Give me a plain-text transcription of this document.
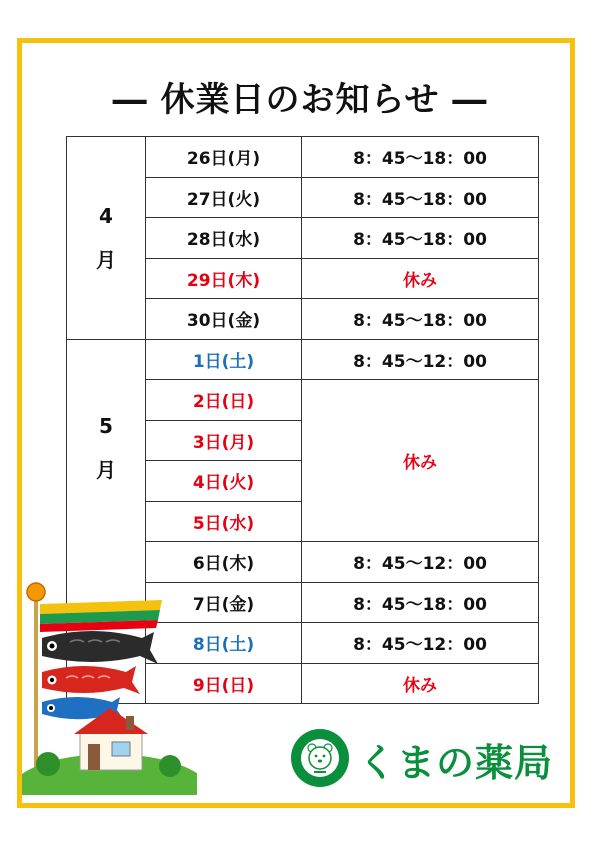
― 休業日のお知らせ ―
4
月	26日(月)	8：45〜18：00
	27日(火)	8：45〜18：00
	28日(水)	8：45〜18：00
	29日(木)	休み
	30日(金)	8：45〜18：00

5
月	1日(土)	8：45〜12：00
	2日(日)	休み
	3日(月)	
	4日(火)	
	5日(水)	
	6日(木)	8：45〜12：00
	7日(金)	8：45〜18：00
	8日(土)	8：45〜12：00
	9日(日)	休み
くまの薬局
